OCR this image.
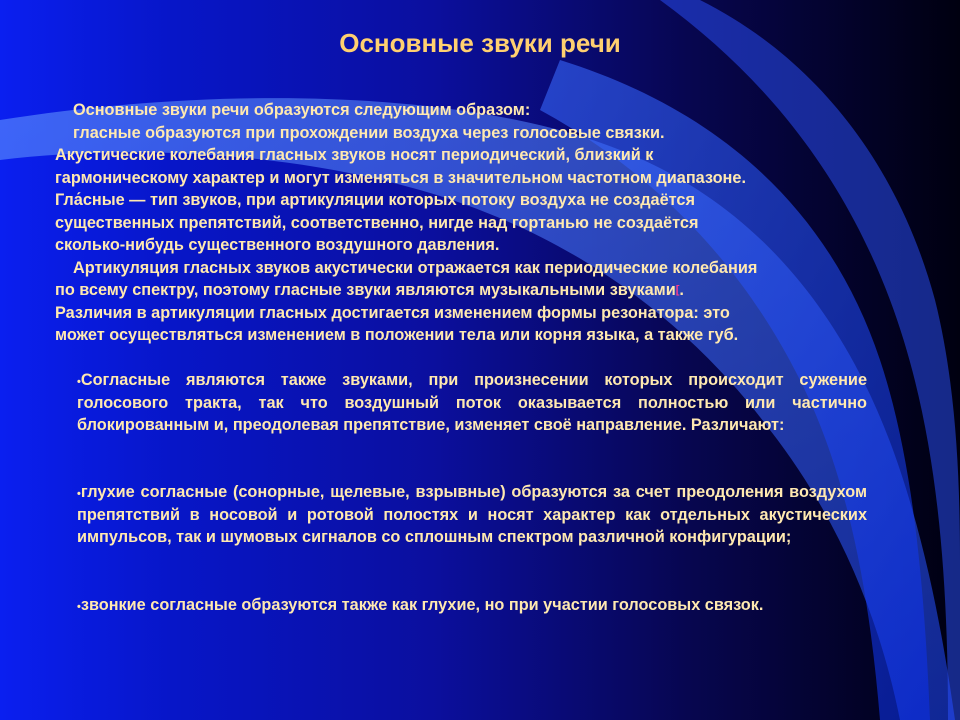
Основные звуки речи
Основные звуки речи образуются следующим образом:
гласные образуются при прохождении воздуха через голосовые связки.
Акустические колебания гласных звуков носят периодический, близкий к
гармоническому характер и могут изменяться в значительном частотном диапазоне.
Гла́сные — тип звуков, при артикуляции которых потоку воздуха не создаётся
существенных препятствий, соответственно, нигде над гортанью не создаётся
сколько-нибудь существенного воздушного давления.
Артикуляция гласных звуков акустически отражается как периодические колебания
по всему спектру, поэтому гласные звуки являются музыкальными звуками[.
Различия в артикуляции гласных достигается изменением формы резонатора: это
может осуществляться изменением в положении тела или корня языка, а также губ.

•Согласные являются также звуками, при произнесении которых происходит сужение голосового тракта, так что воздушный поток оказывается полностью или частично блокированным и, преодолевая препятствие, изменяет своё направление. Различают:

•глухие согласные (сонорные, щелевые, взрывные) образуются за счет преодоления воздухом препятствий в носовой и ротовой полостях и носят характер как отдельных акустических импульсов, так и шумовых сигналов со сплошным спектром различной конфигурации;

•звонкие согласные образуются также как глухие, но при участии голосовых связок.
